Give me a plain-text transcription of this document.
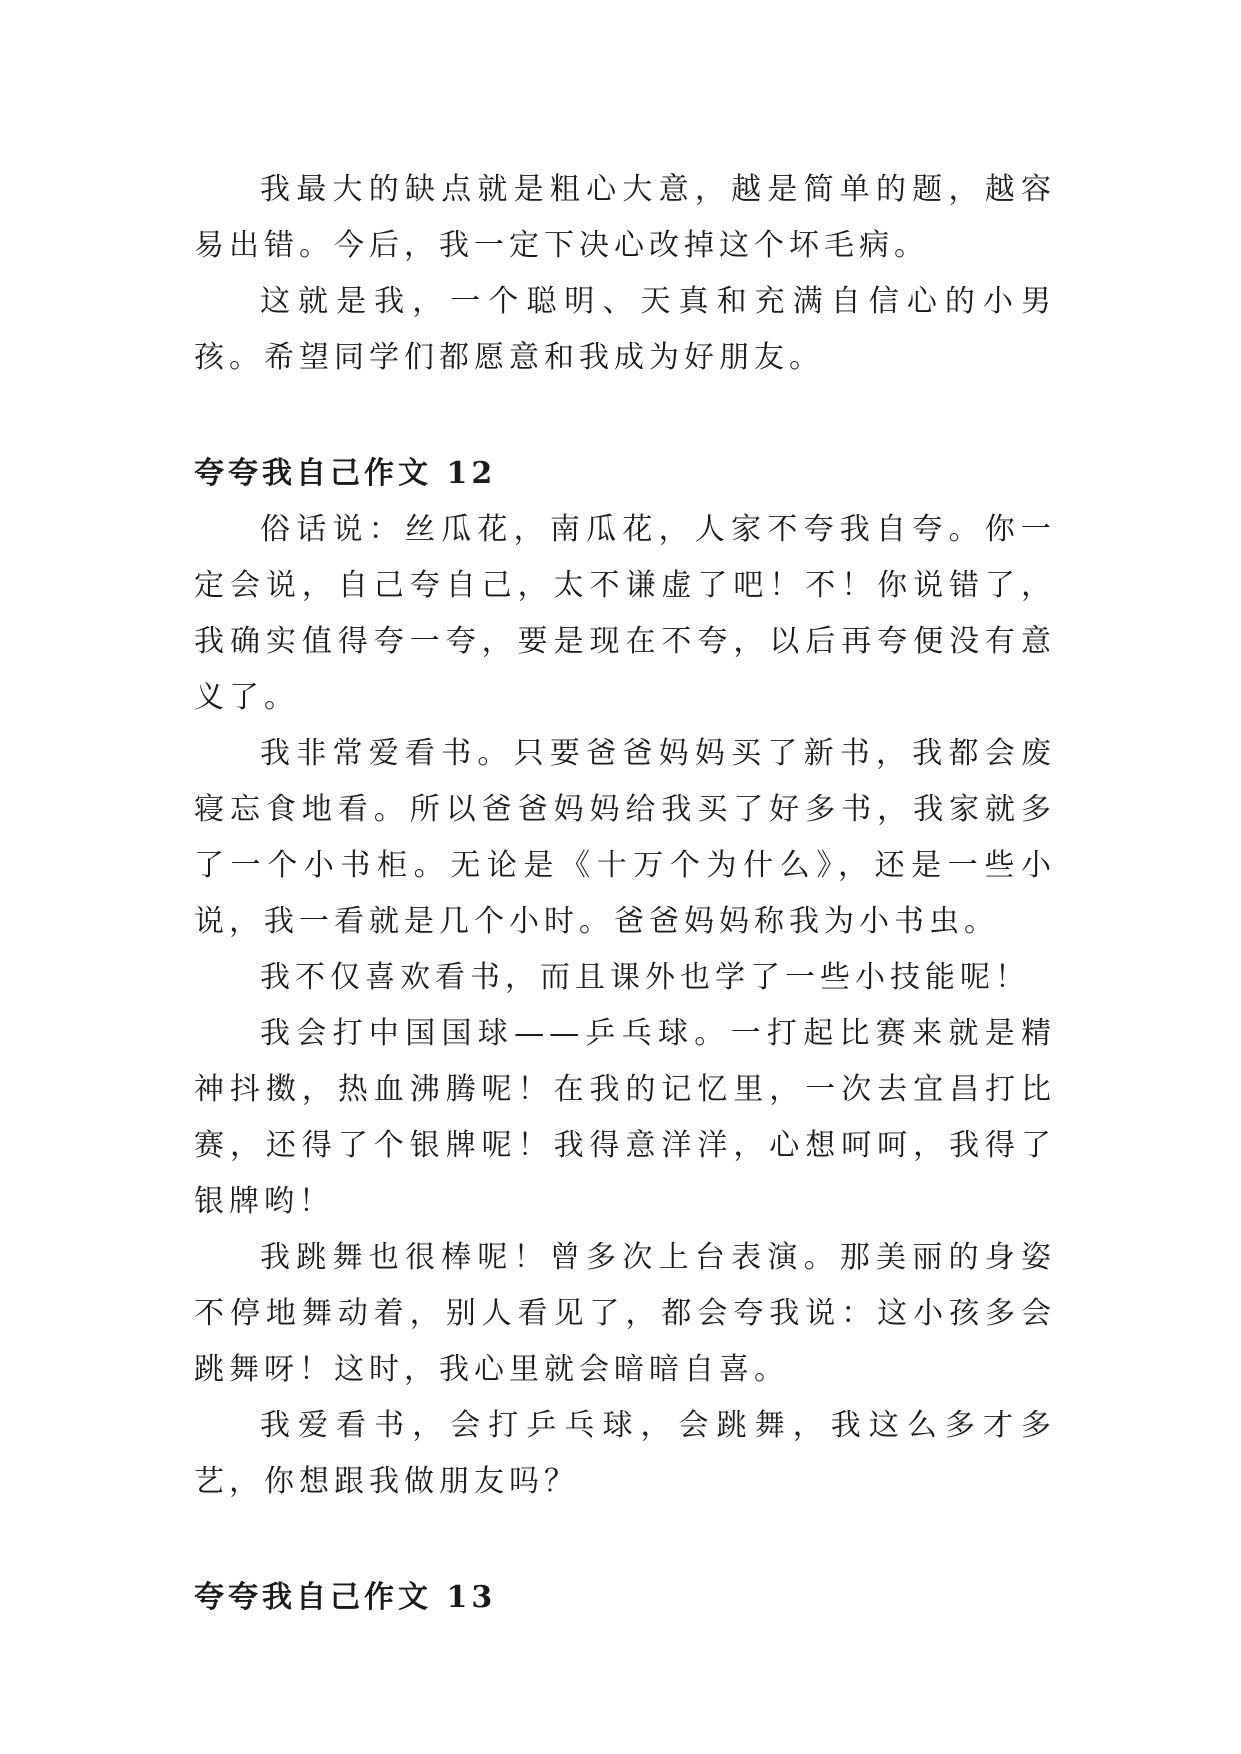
我最大的缺点就是粗心大意，越是简单的题，越容易出错。今后，我一定下决心改掉这个坏毛病。

这就是我，一个聪明、天真和充满自信心的小男孩。希望同学们都愿意和我成为好朋友。

夸夸我自己作文 12

俗话说：丝瓜花，南瓜花，人家不夸我自夸。你一定会说，自己夸自己，太不谦虚了吧！不！你说错了，我确实值得夸一夸，要是现在不夸，以后再夸便没有意义了。

我非常爱看书。只要爸爸妈妈买了新书，我都会废寝忘食地看。所以爸爸妈妈给我买了好多书，我家就多了一个小书柜。无论是《十万个为什么》，还是一些小说，我一看就是几个小时。爸爸妈妈称我为小书虫。

我不仅喜欢看书，而且课外也学了一些小技能呢！

我会打中国国球——乒乓球。一打起比赛来就是精神抖擞，热血沸腾呢！在我的记忆里，一次去宜昌打比赛，还得了个银牌呢！我得意洋洋，心想呵呵，我得了银牌哟！

我跳舞也很棒呢！曾多次上台表演。那美丽的身姿不停地舞动着，别人看见了，都会夸我说：这小孩多会跳舞呀！这时，我心里就会暗暗自喜。

我爱看书，会打乒乓球，会跳舞，我这么多才多艺，你想跟我做朋友吗？

夸夸我自己作文 13
